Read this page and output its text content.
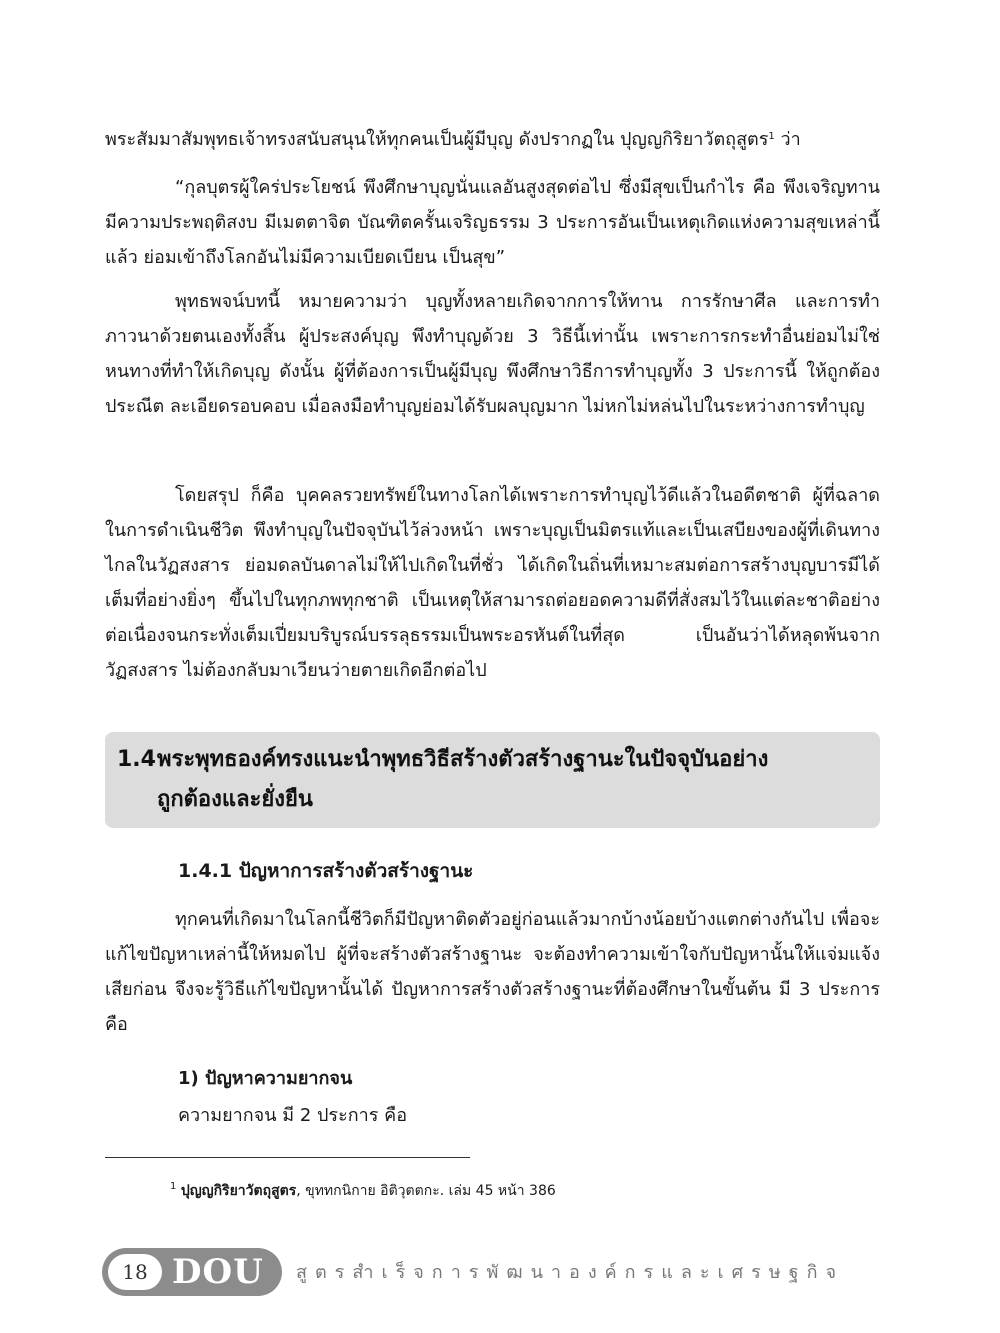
พระสัมมาสัมพุทธเจ้าทรงสนับสนุนให้ทุกคนเป็นผู้มีบุญ ดังปรากฏใน ปุญญกิริยาวัตถุสูตร$^1$ ว่า

“กุลบุตรผู้ใคร่ประโยชน์ พึงศึกษาบุญนั่นแลอันสูงสุดต่อไป ซึ่งมีสุขเป็นกำไร คือ พึงเจริญทาน มีความประพฤติสงบ มีเมตตาจิต บัณฑิตครั้นเจริญธรรม 3 ประการอันเป็นเหตุเกิดแห่งความสุขเหล่านี้แล้ว ย่อมเข้าถึงโลกอันไม่มีความเบียดเบียน เป็นสุข”

พุทธพจน์บทนี้ หมายความว่า บุญทั้งหลายเกิดจากการให้ทาน การรักษาศีล และการทำภาวนาด้วยตนเองทั้งสิ้น ผู้ประสงค์บุญ พึงทำบุญด้วย 3 วิธีนี้เท่านั้น เพราะการกระทำอื่นย่อมไม่ใช่หนทางที่ทำให้เกิดบุญ ดังนั้น ผู้ที่ต้องการเป็นผู้มีบุญ พึงศึกษาวิธีการทำบุญทั้ง 3 ประการนี้ ให้ถูกต้อง ประณีต ละเอียดรอบคอบ เมื่อลงมือทำบุญย่อมได้รับผลบุญมาก ไม่หกไม่หล่นไปในระหว่างการทำบุญ

โดยสรุป ก็คือ บุคคลรวยทรัพย์ในทางโลกได้เพราะการทำบุญไว้ดีแล้วในอดีตชาติ ผู้ที่ฉลาดในการดำเนินชีวิต พึงทำบุญในปัจจุบันไว้ล่วงหน้า เพราะบุญเป็นมิตรแท้และเป็นเสบียงของผู้ที่เดินทางไกลในวัฏสงสาร ย่อมดลบันดาลไม่ให้ไปเกิดในที่ชั่ว ได้เกิดในถิ่นที่เหมาะสมต่อการสร้างบุญบารมีได้เต็มที่อย่างยิ่งๆ ขึ้นไปในทุกภพทุกชาติ เป็นเหตุให้สามารถต่อยอดความดีที่สั่งสมไว้ในแต่ละชาติอย่างต่อเนื่องจนกระทั่งเต็มเปี่ยมบริบูรณ์บรรลุธรรมเป็นพระอรหันต์ในที่สุด เป็นอันว่าได้หลุดพ้นจากวัฏสงสาร ไม่ต้องกลับมาเวียนว่ายตายเกิดอีกต่อไป

1.4พระพุทธองค์ทรงแนะนำพุทธวิธีสร้างตัวสร้างฐานะในปัจจุบันอย่าง
ถูกต้องและยั่งยืน
1.4.1 ปัญหาการสร้างตัวสร้างฐานะ

ทุกคนที่เกิดมาในโลกนี้ชีวิตก็มีปัญหาติดตัวอยู่ก่อนแล้วมากบ้างน้อยบ้างแตกต่างกันไป เพื่อจะแก้ไขปัญหาเหล่านี้ให้หมดไป ผู้ที่จะสร้างตัวสร้างฐานะ จะต้องทำความเข้าใจกับปัญหานั้นให้แจ่มแจ้งเสียก่อน จึงจะรู้วิธีแก้ไขปัญหานั้นได้ ปัญหาการสร้างตัวสร้างฐานะที่ต้องศึกษาในขั้นต้น มี 3 ประการ คือ

1) ปัญหาความยากจน

ความยากจน มี 2 ประการ คือ

$^1$ ปุญญกิริยาวัตถุสูตร, ขุททกนิกาย อิติวุตตกะ. เล่ม 45 หน้า 386

18 DOU สูตรสำเร็จการพัฒนาองค์กรและเศรษฐกิจ
